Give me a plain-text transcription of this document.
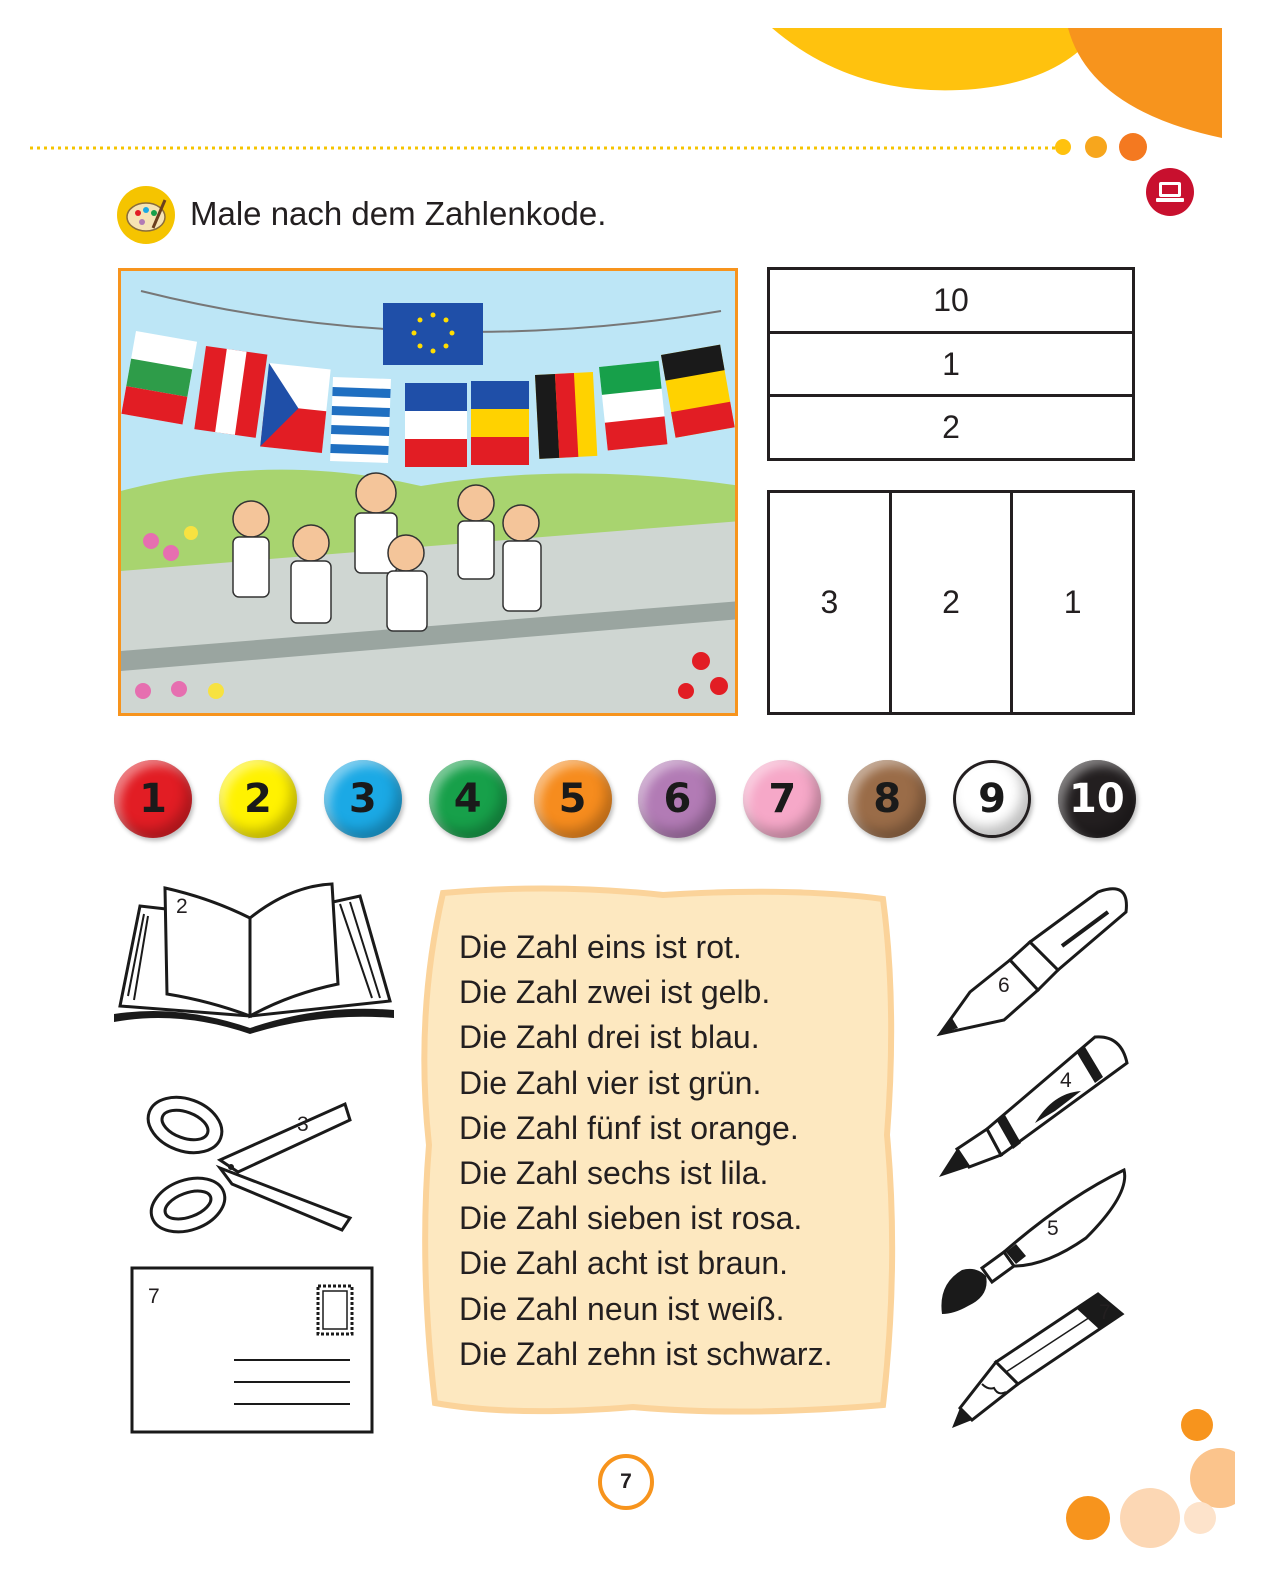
Male nach dem Zahlenkode.
10
1
2
3	2	1
1	2	3	4	5	6	7	8	9	10
2
3
7
Die Zahl eins ist rot.
Die Zahl zwei ist gelb.
Die Zahl drei ist blau.
Die Zahl vier ist grün.
Die Zahl fünf ist orange.
Die Zahl sechs ist lila.
Die Zahl sieben ist rosa.
Die Zahl acht ist braun.
Die Zahl neun ist weiß.
Die Zahl zehn ist schwarz.
6
4
5
7
7
